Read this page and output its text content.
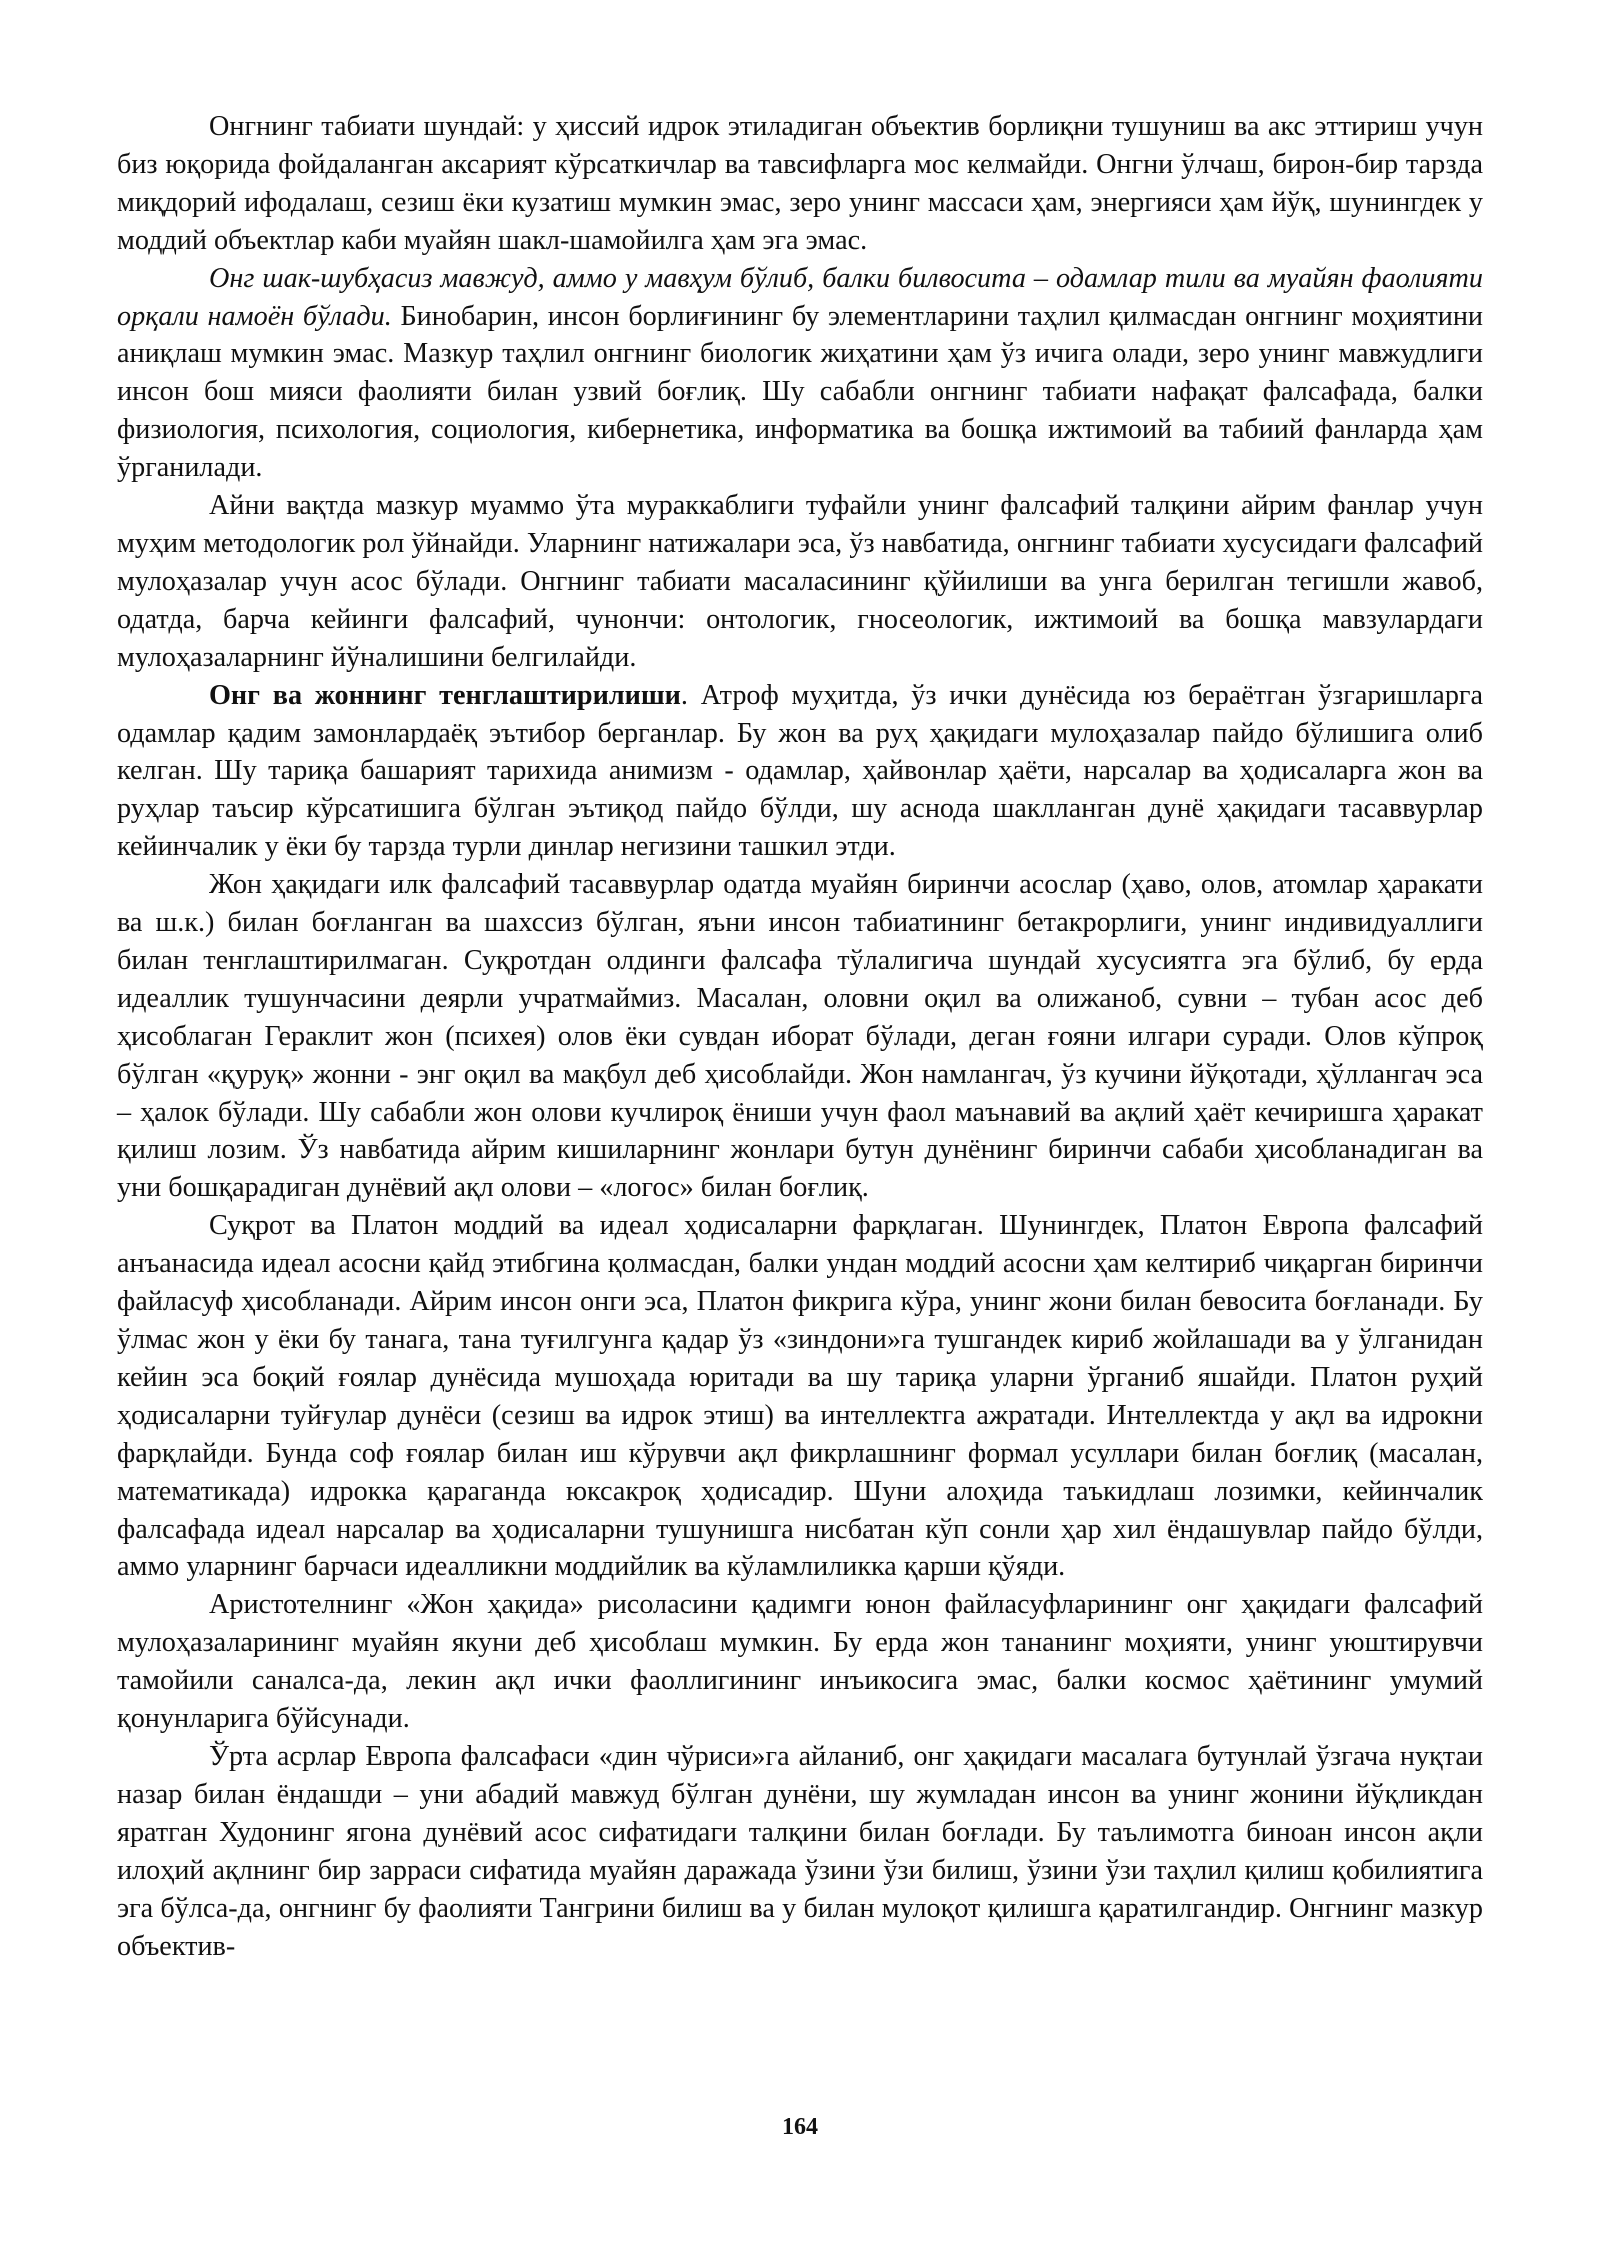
Онгнинг табиати шундай: у ҳиссий идрок этиладиган объектив борлиқни тушуниш ва акс эттириш учун биз юқорида фойдаланган аксарият кўрсаткичлар ва тавсифларга мос келмайди. Онгни ўлчаш, бирон-бир тарзда миқдорий ифодалаш, сезиш ёки кузатиш мумкин эмас, зеро унинг массаси ҳам, энергияси ҳам йўқ, шунингдек у моддий объектлар каби муайян шакл-шамойилга ҳам эга эмас.

Онг шак-шубҳасиз мавжуд, аммо у мавҳум бўлиб, балки билвосита – одамлар тили ва муайян фаолияти орқали намоён бўлади. Бинобарин, инсон борлиғининг бу элементларини таҳлил қилмасдан онгнинг моҳиятини аниқлаш мумкин эмас. Мазкур таҳлил онгнинг биологик жиҳатини ҳам ўз ичига олади, зеро унинг мавжудлиги инсон бош мияси фаолияти билан узвий боғлиқ. Шу сабабли онгнинг табиати нафақат фалсафада, балки физиология, психология, социология, кибернетика, информатика ва бошқа ижтимоий ва табиий фанларда ҳам ўрганилади.

Айни вақтда мазкур муаммо ўта мураккаблиги туфайли унинг фалсафий талқини айрим фанлар учун муҳим методологик рол ўйнайди. Уларнинг натижалари эса, ўз навбатида, онгнинг табиати хусусидаги фалсафий мулоҳазалар учун асос бўлади. Онгнинг табиати масаласининг қўйилиши ва унга берилган тегишли жавоб, одатда, барча кейинги фалсафий, чунончи: онтологик, гносеологик, ижтимоий ва бошқа мавзулардаги мулоҳазаларнинг йўналишини белгилайди.

Онг ва жоннинг тенглаштирилиши. Атроф муҳитда, ўз ички дунёсида юз бераётган ўзгаришларга одамлар қадим замонлардаёқ эътибор берганлар. Бу жон ва руҳ ҳақидаги мулоҳазалар пайдо бўлишига олиб келган. Шу тариқа башарият тарихида анимизм - одамлар, ҳайвонлар ҳаёти, нарсалар ва ҳодисаларга жон ва руҳлар таъсир кўрсатишига бўлган эътиқод пайдо бўлди, шу аснода шаклланган дунё ҳақидаги тасаввурлар кейинчалик у ёки бу тарзда турли динлар негизини ташкил этди.

Жон ҳақидаги илк фалсафий тасаввурлар одатда муайян биринчи асослар (ҳаво, олов, атомлар ҳаракати ва ш.к.) билан боғланган ва шахссиз бўлган, яъни инсон табиатининг бетакрорлиги, унинг индивидуаллиги билан тенглаштирилмаган. Суқротдан олдинги фалсафа тўлалигича шундай хусусиятга эга бўлиб, бу ерда идеаллик тушунчасини деярли учратмаймиз. Масалан, оловни оқил ва олижаноб, сувни – тубан асос деб ҳисоблаган Гераклит жон (психея) олов ёки сувдан иборат бўлади, деган ғояни илгари суради. Олов кўпроқ бўлган «қуруқ» жонни - энг оқил ва мақбул деб ҳисоблайди. Жон намлангач, ўз кучини йўқотади, ҳўллангач эса – ҳалок бўлади. Шу сабабли жон олови кучлироқ ёниши учун фаол маънавий ва ақлий ҳаёт кечиришга ҳаракат қилиш лозим. Ўз навбатида айрим кишиларнинг жонлари бутун дунёнинг биринчи сабаби ҳисобланадиган ва уни бошқарадиган дунёвий ақл олови – «логос» билан боғлиқ.

Суқрот ва Платон моддий ва идеал ҳодисаларни фарқлаган. Шунингдек, Платон Европа фалсафий анъанасида идеал асосни қайд этибгина қолмасдан, балки ундан моддий асосни ҳам келтириб чиқарган биринчи файласуф ҳисобланади. Айрим инсон онги эса, Платон фикрига кўра, унинг жони билан бевосита боғланади. Бу ўлмас жон у ёки бу танага, тана туғилгунга қадар ўз «зиндони»га тушгандек кириб жойлашади ва у ўлганидан кейин эса боқий ғоялар дунёсида мушоҳада юритади ва шу тариқа уларни ўрганиб яшайди. Платон руҳий ҳодисаларни туйғулар дунёси (сезиш ва идрок этиш) ва интеллектга ажратади. Интеллектда у ақл ва идрокни фарқлайди. Бунда соф ғоялар билан иш кўрувчи ақл фикрлашнинг формал усуллари билан боғлиқ (масалан, математикада) идрокка қараганда юксакроқ ҳодисадир. Шуни алоҳида таъкидлаш лозимки, кейинчалик фалсафада идеал нарсалар ва ҳодисаларни тушунишга нисбатан кўп сонли ҳар хил ёндашувлар пайдо бўлди, аммо уларнинг барчаси идеалликни моддийлик ва кўламлиликка қарши қўяди.

Аристотелнинг «Жон ҳақида» рисоласини қадимги юнон файласуфларининг онг ҳақидаги фалсафий мулоҳазаларининг муайян якуни деб ҳисоблаш мумкин. Бу ерда жон тананинг моҳияти, унинг уюштирувчи тамойили саналса-да, лекин ақл ички фаоллигининг инъикосига эмас, балки космос ҳаётининг умумий қонунларига бўйсунади.

Ўрта асрлар Европа фалсафаси «дин чўриси»га айланиб, онг ҳақидаги масалага бутунлай ўзгача нуқтаи назар билан ёндашди – уни абадий мавжуд бўлган дунёни, шу жумладан инсон ва унинг жонини йўқликдан яратган Худонинг ягона дунёвий асос сифатидаги талқини билан боғлади. Бу таълимотга биноан инсон ақли илоҳий ақлнинг бир зарраси сифатида муайян даражада ўзини ўзи билиш, ўзини ўзи таҳлил қилиш қобилиятига эга бўлса-да, онгнинг бу фаолияти Тангрини билиш ва у билан мулоқот қилишга қаратилгандир. Онгнинг мазкур объектив-

164
